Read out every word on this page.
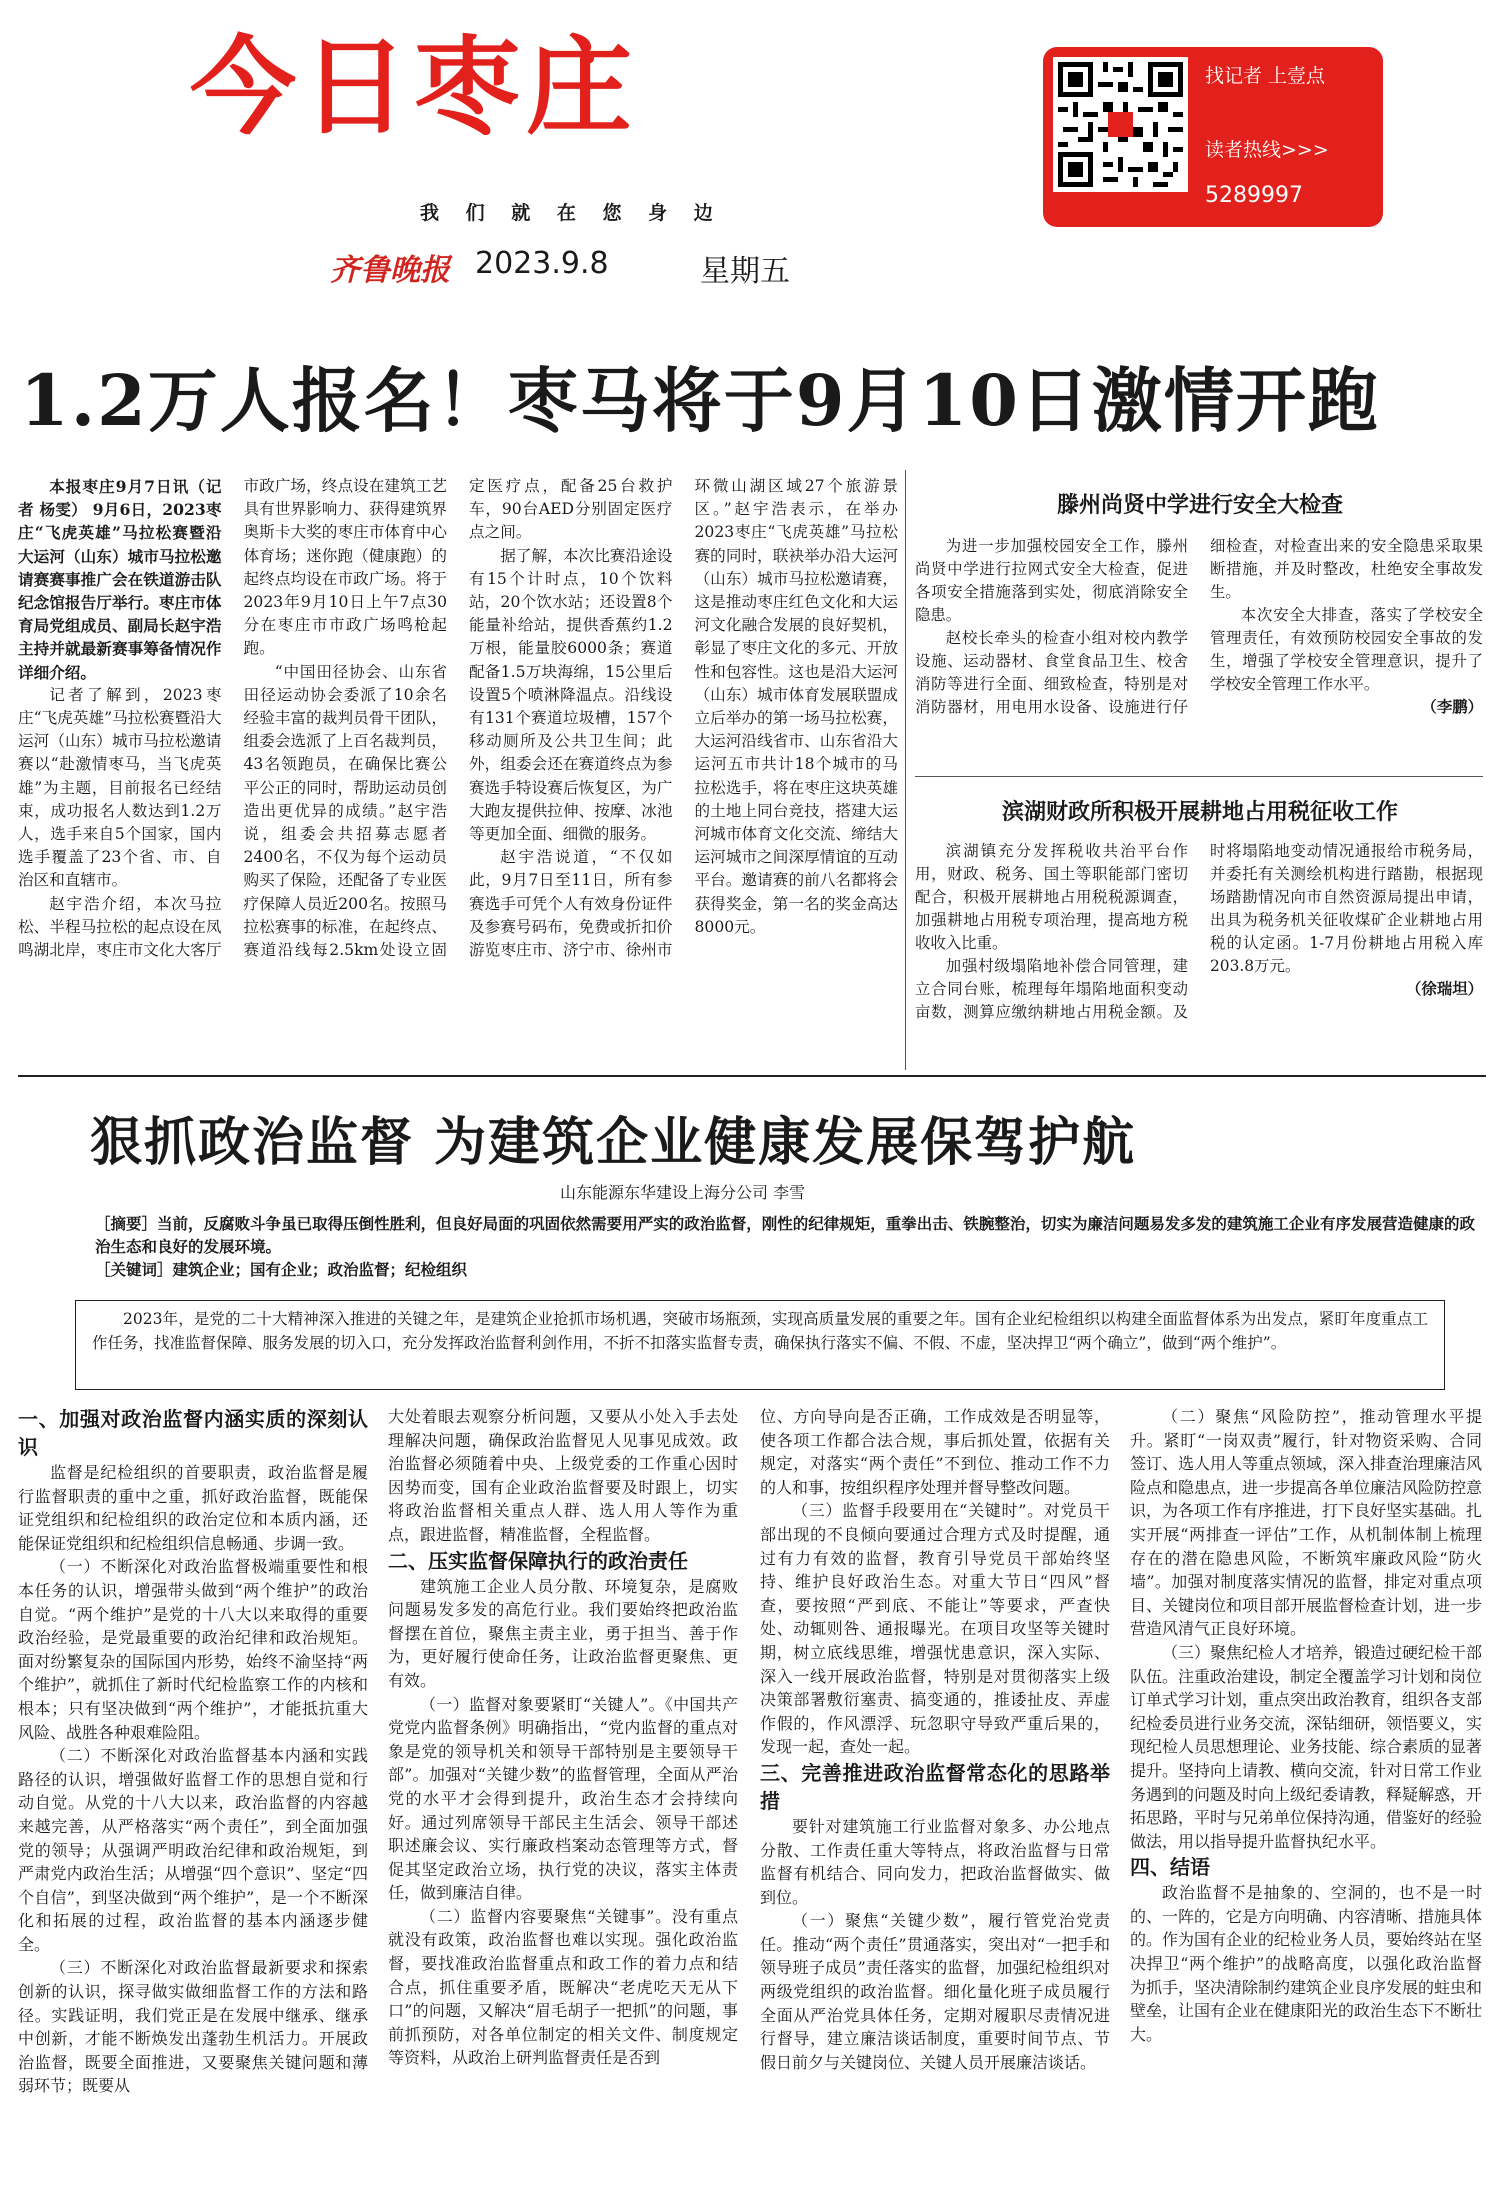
今日枣庄
我 们 就 在 您 身 边
齐鲁晚报 2023.9.8	星期五
找记者 上壹点
读者热线>>>
5289997
1.2万人报名！枣马将于9月10日激情开跑

本报枣庄9月7日讯（记者 杨雯） 9月6日，2023枣庄“飞虎英雄”马拉松赛暨沿大运河（山东）城市马拉松邀请赛赛事推广会在铁道游击队纪念馆报告厅举行。枣庄市体育局党组成员、副局长赵宇浩主持并就最新赛事筹备情况作详细介绍。

记者了解到，2023枣庄“飞虎英雄”马拉松赛暨沿大运河（山东）城市马拉松邀请赛以“赴激情枣马，当飞虎英雄”为主题，目前报名已经结束，成功报名人数达到1.2万人，选手来自5个国家，国内选手覆盖了23个省、市、自治区和直辖市。

赵宇浩介绍，本次马拉松、半程马拉松的起点设在凤鸣湖北岸，枣庄市文化大客厅市政广场，终点设在建筑工艺具有世界影响力、获得建筑界奥斯卡大奖的枣庄市体育中心体育场；迷你跑（健康跑）的起终点均设在市政广场。将于2023年9月10日上午7点30分在枣庄市市政广场鸣枪起跑。

“中国田径协会、山东省田径运动协会委派了10余名经验丰富的裁判员骨干团队，组委会选派了上百名裁判员，43名领跑员，在确保比赛公平公正的同时，帮助运动员创造出更优异的成绩。”赵宇浩说，组委会共招募志愿者2400名，不仅为每个运动员购买了保险，还配备了专业医疗保障人员近200名。按照马拉松赛事的标准，在起终点、赛道沿线每2.5km处设立固定医疗点，配备25台救护车，90台AED分别固定医疗点之间。

据了解，本次比赛沿途设有15个计时点，10个饮料站，20个饮水站；还设置8个能量补给站，提供香蕉约1.2万根，能量胶6000条；赛道配备1.5万块海绵，15公里后设置5个喷淋降温点。沿线设有131个赛道垃圾槽，157个移动厕所及公共卫生间；此外，组委会还在赛道终点为参赛选手特设赛后恢复区，为广大跑友提供拉伸、按摩、冰池等更加全面、细微的服务。

赵宇浩说道，“不仅如此，9月7日至11日，所有参赛选手可凭个人有效身份证件及参赛号码布，免费或折扣价游览枣庄市、济宁市、徐州市环微山湖区域27个旅游景区。”赵宇浩表示，在举办2023枣庄“飞虎英雄”马拉松赛的同时，联袂举办沿大运河（山东）城市马拉松邀请赛，这是推动枣庄红色文化和大运河文化融合发展的良好契机，彰显了枣庄文化的多元、开放性和包容性。这也是沿大运河（山东）城市体育发展联盟成立后举办的第一场马拉松赛，大运河沿线省市、山东省沿大运河五市共计18个城市的马拉松选手，将在枣庄这块英雄的土地上同台竞技，搭建大运河城市体育文化交流、缔结大运河城市之间深厚情谊的互动平台。邀请赛的前八名都将会获得奖金，第一名的奖金高达8000元。

滕州尚贤中学进行安全大检查

为进一步加强校园安全工作，滕州尚贤中学进行拉网式安全大检查，促进各项安全措施落到实处，彻底消除安全隐患。

赵校长牵头的检查小组对校内教学设施、运动器材、食堂食品卫生、校舍消防等进行全面、细致检查，特别是对消防器材，用电用水设备、设施进行仔细检查，对检查出来的安全隐患采取果断措施，并及时整改，杜绝安全事故发生。

本次安全大排查，落实了学校安全管理责任，有效预防校园安全事故的发生，增强了学校安全管理意识，提升了学校安全管理工作水平。

（李鹏）
滨湖财政所积极开展耕地占用税征收工作

滨湖镇充分发挥税收共治平台作用，财政、税务、国土等职能部门密切配合，积极开展耕地占用税税源调查，加强耕地占用税专项治理，提高地方税收收入比重。

加强村级塌陷地补偿合同管理，建立合同台账，梳理每年塌陷地面积变动亩数，测算应缴纳耕地占用税金额。及时将塌陷地变动情况通报给市税务局，并委托有关测绘机构进行踏勘，根据现场踏勘情况向市自然资源局提出申请，出具为税务机关征收煤矿企业耕地占用税的认定函。1-7月份耕地占用税入库203.8万元。

（徐瑞坦）
狠抓政治监督 为建筑企业健康发展保驾护航
山东能源东华建设上海分公司 李雪
［摘要］当前，反腐败斗争虽已取得压倒性胜利，但良好局面的巩固依然需要用严实的政治监督，刚性的纪律规矩，重拳出击、铁腕整治，切实为廉洁问题易发多发的建筑施工企业有序发展营造健康的政治生态和良好的发展环境。
［关键词］建筑企业；国有企业；政治监督；纪检组织
2023年，是党的二十大精神深入推进的关键之年，是建筑企业抢抓市场机遇，突破市场瓶颈，实现高质量发展的重要之年。国有企业纪检组织以构建全面监督体系为出发点，紧盯年度重点工作任务，找准监督保障、服务发展的切入口，充分发挥政治监督利剑作用，不折不扣落实监督专责，确保执行落实不偏、不假、不虚，坚决捍卫“两个确立”，做到“两个维护”。

一、加强对政治监督内涵实质的深刻认识

监督是纪检组织的首要职责，政治监督是履行监督职责的重中之重，抓好政治监督，既能保证党组织和纪检组织的政治定位和本质内涵，还能保证党组织和纪检组织信息畅通、步调一致。

（一）不断深化对政治监督极端重要性和根本任务的认识，增强带头做到“两个维护”的政治自觉。“两个维护”是党的十八大以来取得的重要政治经验，是党最重要的政治纪律和政治规矩。面对纷繁复杂的国际国内形势，始终不渝坚持“两个维护”，就抓住了新时代纪检监察工作的内核和根本；只有坚决做到“两个维护”，才能抵抗重大风险、战胜各种艰难险阻。

（二）不断深化对政治监督基本内涵和实践路径的认识，增强做好监督工作的思想自觉和行动自觉。从党的十八大以来，政治监督的内容越来越完善，从严格落实“两个责任”，到全面加强党的领导；从强调严明政治纪律和政治规矩，到严肃党内政治生活；从增强“四个意识”、坚定“四个自信”，到坚决做到“两个维护”，是一个不断深化和拓展的过程，政治监督的基本内涵逐步健全。

（三）不断深化对政治监督最新要求和探索创新的认识，探寻做实做细监督工作的方法和路径。实践证明，我们党正是在发展中继承、继承中创新，才能不断焕发出蓬勃生机活力。开展政治监督，既要全面推进，又要聚焦关键问题和薄弱环节；既要从

大处着眼去观察分析问题，又要从小处入手去处理解决问题，确保政治监督见人见事见成效。政治监督必须随着中央、上级党委的工作重心因时因势而变，国有企业政治监督要及时跟上，切实将政治监督相关重点人群、选人用人等作为重点，跟进监督，精准监督，全程监督。

二、压实监督保障执行的政治责任

建筑施工企业人员分散、环境复杂，是腐败问题易发多发的高危行业。我们要始终把政治监督摆在首位，聚焦主责主业，勇于担当、善于作为，更好履行使命任务，让政治监督更聚焦、更有效。

（一）监督对象要紧盯“关键人”。《中国共产党党内监督条例》明确指出，“党内监督的重点对象是党的领导机关和领导干部特别是主要领导干部”。加强对“关键少数”的监督管理，全面从严治党的水平才会得到提升，政治生态才会持续向好。通过列席领导干部民主生活会、领导干部述职述廉会议、实行廉政档案动态管理等方式，督促其坚定政治立场，执行党的决议，落实主体责任，做到廉洁自律。

（二）监督内容要聚焦“关键事”。没有重点就没有政策，政治监督也难以实现。强化政治监督，要找准政治监督重点和政工作的着力点和结合点，抓住重要矛盾，既解决“老虎吃天无从下口”的问题，又解决“眉毛胡子一把抓”的问题，事前抓预防，对各单位制定的相关文件、制度规定等资料，从政治上研判监督责任是否到

位、方向导向是否正确，工作成效是否明显等，使各项工作都合法合规，事后抓处置，依据有关规定，对落实“两个责任”不到位、推动工作不力的人和事，按组织程序处理并督导整改问题。

（三）监督手段要用在“关键时”。对党员干部出现的不良倾向要通过合理方式及时提醒，通过有力有效的监督，教育引导党员干部始终坚持、维护良好政治生态。对重大节日“四风”督查，要按照“严到底、不能让”等要求，严查快处、动辄则咎、通报曝光。在项目攻坚等关键时期，树立底线思维，增强忧患意识，深入实际、深入一线开展政治监督，特别是对贯彻落实上级决策部署敷衍塞责、搞变通的，推诿扯皮、弄虚作假的，作风漂浮、玩忽职守导致严重后果的，发现一起，查处一起。

三、完善推进政治监督常态化的思路举措

要针对建筑施工行业监督对象多、办公地点分散、工作责任重大等特点，将政治监督与日常监督有机结合、同向发力，把政治监督做实、做到位。

（一）聚焦“关键少数”，履行管党治党责任。推动“两个责任”贯通落实，突出对“一把手和领导班子成员”责任落实的监督，加强纪检组织对两级党组织的政治监督。细化量化班子成员履行全面从严治党具体任务，定期对履职尽责情况进行督导，建立廉洁谈话制度，重要时间节点、节假日前夕与关键岗位、关键人员开展廉洁谈话。

（二）聚焦“风险防控”，推动管理水平提升。紧盯“一岗双责”履行，针对物资采购、合同签订、选人用人等重点领域，深入排查治理廉洁风险点和隐患点，进一步提高各单位廉洁风险防控意识，为各项工作有序推进，打下良好坚实基础。扎实开展“两排查一评估”工作，从机制体制上梳理存在的潜在隐患风险，不断筑牢廉政风险“防火墙”。加强对制度落实情况的监督，排定对重点项目、关键岗位和项目部开展监督检查计划，进一步营造风清气正良好环境。

（三）聚焦纪检人才培养，锻造过硬纪检干部队伍。注重政治建设，制定全覆盖学习计划和岗位订单式学习计划，重点突出政治教育，组织各支部纪检委员进行业务交流，深钻细研，领悟要义，实现纪检人员思想理论、业务技能、综合素质的显著提升。坚持向上请教、横向交流，针对日常工作业务遇到的问题及时向上级纪委请教，释疑解惑，开拓思路，平时与兄弟单位保持沟通，借鉴好的经验做法，用以指导提升监督执纪水平。

四、结语

政治监督不是抽象的、空洞的，也不是一时的、一阵的，它是方向明确、内容清晰、措施具体的。作为国有企业的纪检业务人员，要始终站在坚决捍卫“两个维护”的战略高度，以强化政治监督为抓手，坚决清除制约建筑企业良序发展的蛀虫和壁垒，让国有企业在健康阳光的政治生态下不断壮大。
